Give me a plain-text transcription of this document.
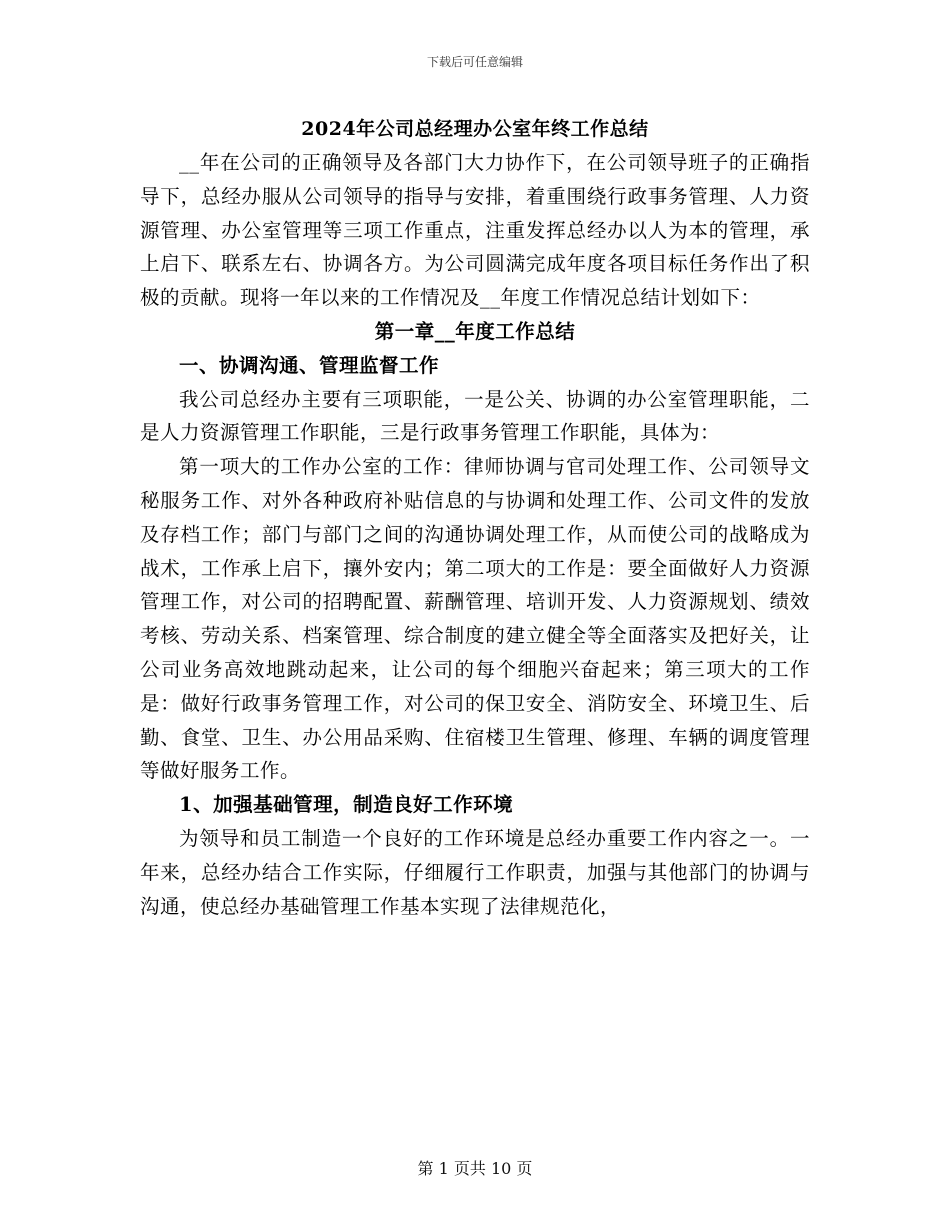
下载后可任意编辑
2024年公司总经理办公室年终工作总结

__年在公司的正确领导及各部门大力协作下，在公司领导班子的正确指导下，总经办服从公司领导的指导与安排，着重围绕行政事务管理、人力资源管理、办公室管理等三项工作重点，注重发挥总经办以人为本的管理，承上启下、联系左右、协调各方。为公司圆满完成年度各项目标任务作出了积极的贡献。现将一年以来的工作情况及__年度工作情况总结计划如下：

第一章__年度工作总结

一、协调沟通、管理监督工作

我公司总经办主要有三项职能，一是公关、协调的办公室管理职能，二是人力资源管理工作职能，三是行政事务管理工作职能，具体为：

第一项大的工作办公室的工作：律师协调与官司处理工作、公司领导文秘服务工作、对外各种政府补贴信息的与协调和处理工作、公司文件的发放及存档工作；部门与部门之间的沟通协调处理工作，从而使公司的战略成为战术，工作承上启下，攘外安内；第二项大的工作是：要全面做好人力资源管理工作，对公司的招聘配置、薪酬管理、培训开发、人力资源规划、绩效考核、劳动关系、档案管理、综合制度的建立健全等全面落实及把好关，让公司业务高效地跳动起来，让公司的每个细胞兴奋起来；第三项大的工作是：做好行政事务管理工作，对公司的保卫安全、消防安全、环境卫生、后勤、食堂、卫生、办公用品采购、住宿楼卫生管理、修理、车辆的调度管理等做好服务工作。

1、加强基础管理，制造良好工作环境

为领导和员工制造一个良好的工作环境是总经办重要工作内容之一。一年来，总经办结合工作实际，仔细履行工作职责，加强与其他部门的协调与沟通，使总经办基础管理工作基本实现了法律规范化，

第 1 页共 10 页
